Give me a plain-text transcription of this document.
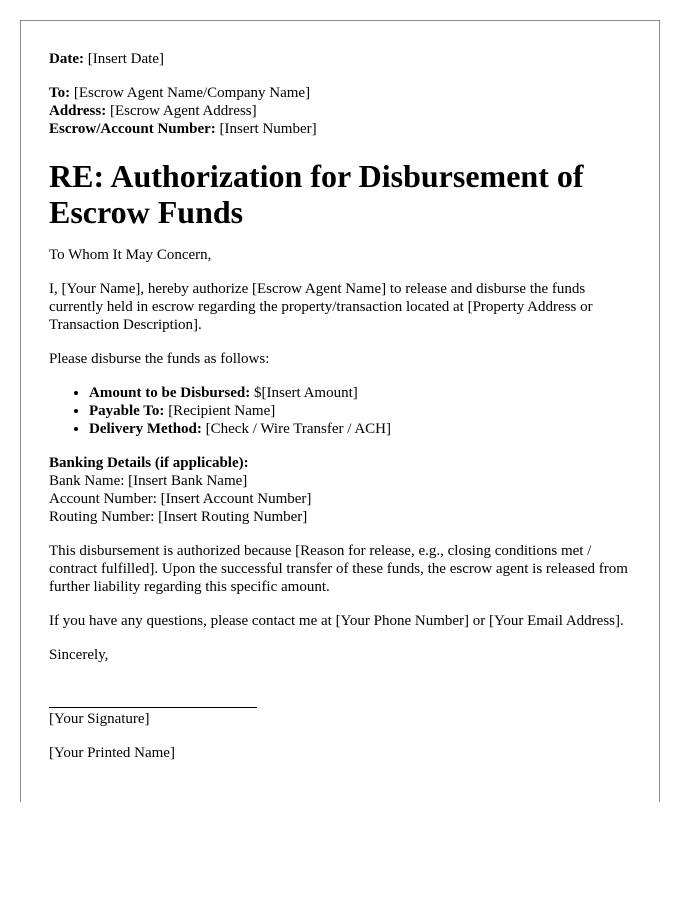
Date: [Insert Date]
To: [Escrow Agent Name/Company Name]
Address: [Escrow Agent Address]
Escrow/Account Number: [Insert Number]
RE: Authorization for Disbursement of Escrow Funds

To Whom It May Concern,

I, [Your Name], hereby authorize [Escrow Agent Name] to release and disburse the funds currently held in escrow regarding the property/transaction located at [Property Address or Transaction Description].

Please disburse the funds as follows:

• Amount to be Disbursed: $[Insert Amount]
• Payable To: [Recipient Name]
• Delivery Method: [Check / Wire Transfer / ACH]
Banking Details (if applicable):
Bank Name: [Insert Bank Name]
Account Number: [Insert Account Number]
Routing Number: [Insert Routing Number]

This disbursement is authorized because [Reason for release, e.g., closing conditions met / contract fulfilled]. Upon the successful transfer of these funds, the escrow agent is released from further liability regarding this specific amount.

If you have any questions, please contact me at [Your Phone Number] or [Your Email Address].

Sincerely,

[Your Signature]
[Your Printed Name]
